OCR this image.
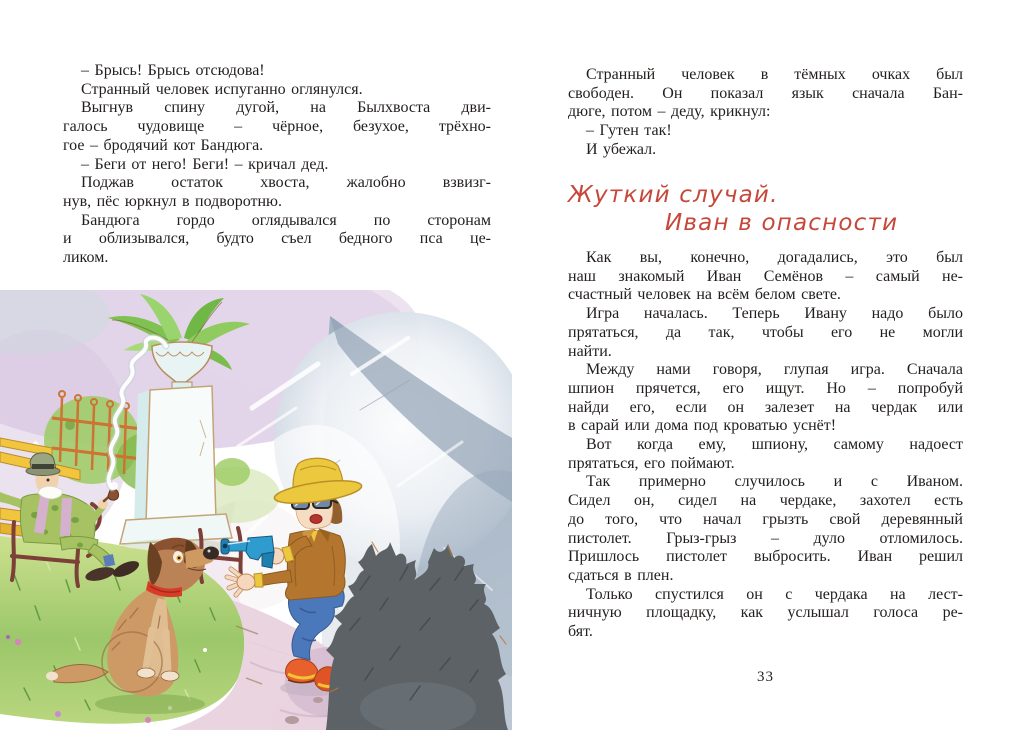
– Брысь! Брысь отсюдова!
Странный человек испуганно оглянулся.
Выгнув спину дугой, на Былхвоста дви-
галось чудовище – чёрное, безухое, трёхно-
гое – бродячий кот Бандюга.
– Беги от него! Беги! – кричал дед.
Поджав остаток хвоста, жалобно взвизг-
нув, пёс юркнул в подворотню.
Бандюга гордо оглядывался по сторонам
и облизывался, будто съел бедного пса це-
ликом.
Странный человек в тёмных очках был
свободен. Он показал язык сначала Бан-
дюге, потом – деду, крикнул:
– Гутен так!
И убежал.
Жуткий случай.
Иван в опасности
Как вы, конечно, догадались, это был
наш знакомый Иван Семёнов – самый не-
счастный человек на всём белом свете.
Игра началась. Теперь Ивану надо было
прятаться, да так, чтобы его не могли
найти.
Между нами говоря, глупая игра. Сначала
шпион прячется, его ищут. Но – попробуй
найди его, если он залезет на чердак или
в сарай или дома под кроватью уснёт!
Вот когда ему, шпиону, самому надоест
прятаться, его поймают.
Так примерно случилось и с Иваном.
Сидел он, сидел на чердаке, захотел есть
до того, что начал грызть свой деревянный
пистолет. Грыз-грыз – дуло отломилось.
Пришлось пистолет выбросить. Иван решил
сдаться в плен.
Только спустился он с чердака на лест-
ничную площадку, как услышал голоса ре-
бят.
33
